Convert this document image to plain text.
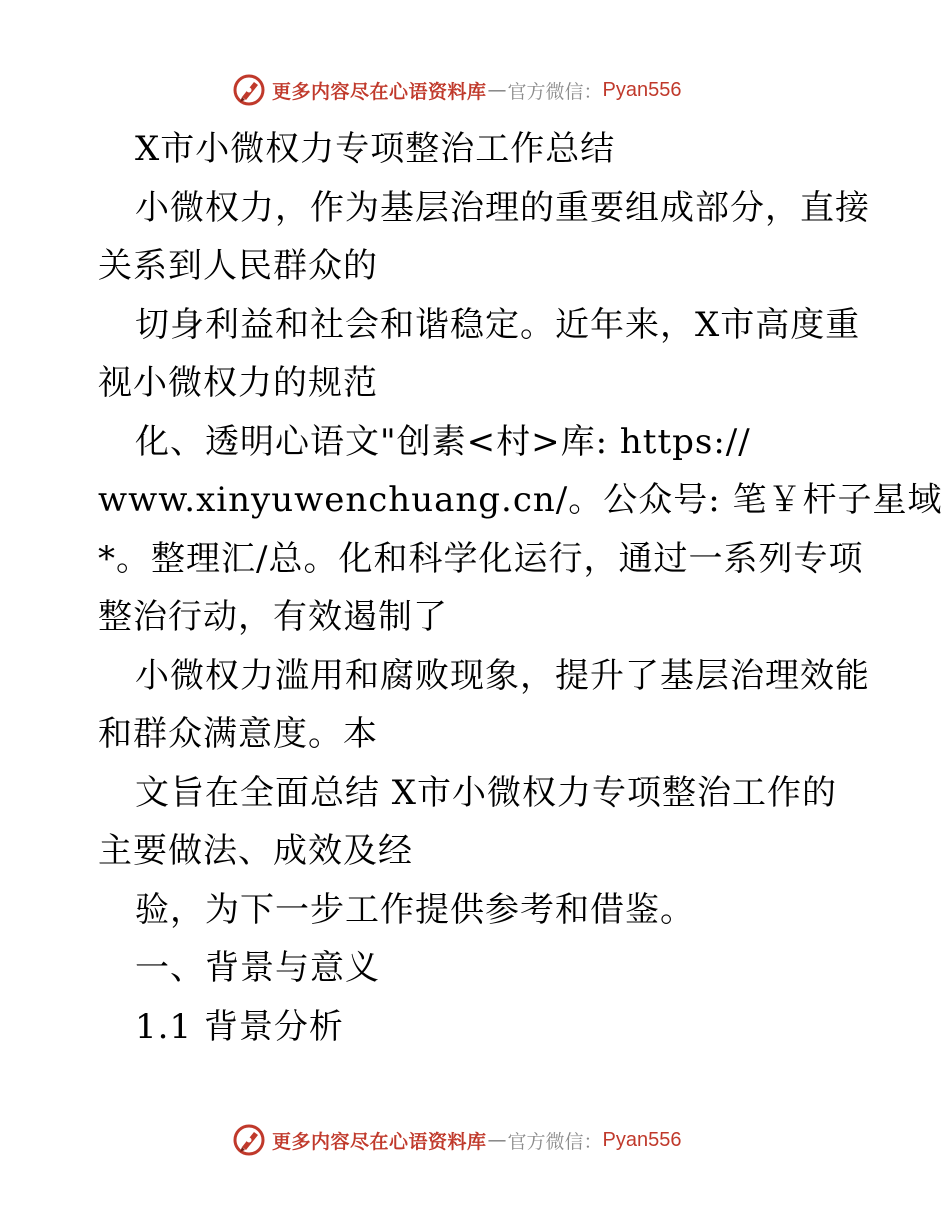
更多内容尽在心语资料库 — 官方微信： Pyan556
X市小微权力专项整治工作总结
小微权力，作为基层治理的重要组成部分，直接
关系到人民群众的
切身利益和社会和谐稳定。近年来，X市高度重
视小微权力的规范
化、透明心语文"创素<村>库: https://
www.xinyuwenchuang.cn/。公众号: 笔￥杆子星域
*。整理汇/总。化和科学化运行，通过一系列专项
整治行动，有效遏制了
小微权力滥用和腐败现象，提升了基层治理效能
和群众满意度。本
文旨在全面总结 X市小微权力专项整治工作的
主要做法、成效及经
验，为下一步工作提供参考和借鉴。
一、背景与意义
1.1 背景分析
更多内容尽在心语资料库 — 官方微信： Pyan556
